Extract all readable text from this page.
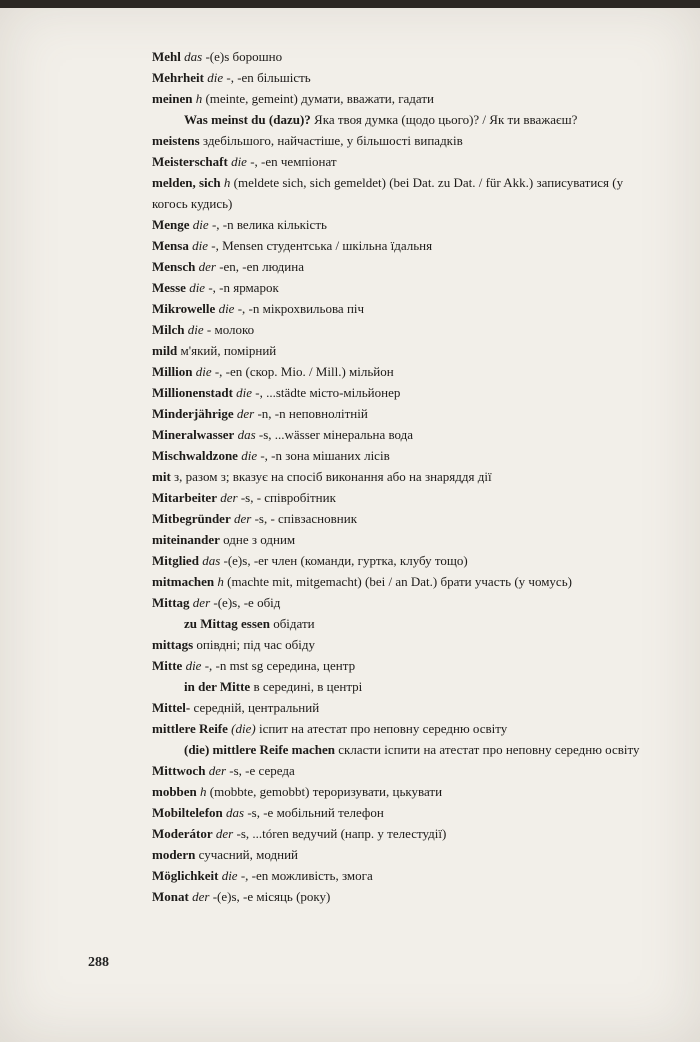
Mehl das -(e)s борошно
Mehrheit die -, -en більшість
meinen h (meinte, gemeint) думати, вважати, гадати
Was meinst du (dazu)? Яка твоя думка (щодо цього)? / Як ти вважаєш?
meistens здебільшого, найчастіше, у більшості випадків
Meisterschaft die -, -en чемпіонат
melden, sich h (meldete sich, sich gemeldet) (bei Dat. zu Dat. / für Akk.) записуватися (у когось кудись)
Menge die -, -n велика кількість
Mensa die -, Mensen студентська / шкільна їдальня
Mensch der -en, -en людина
Messe die -, -n ярмарок
Mikrowelle die -, -n мікрохвильова піч
Milch die - молоко
mild м'який, помірний
Million die -, -en (скор. Mio. / Mill.) мільйон
Millionenstadt die -, ...städte місто-мільйонер
Minderjährige der -n, -n неповнолітній
Mineralwasser das -s, ...wässer мінеральна вода
Mischwaldzone die -, -n зона мішаних лісів
mit з, разом з; вказує на спосіб виконання або на знаряддя дії
Mitarbeiter der -s, - співробітник
Mitbegründer der -s, - співзасновник
miteinander одне з одним
Mitglied das -(e)s, -er член (команди, гуртка, клубу тощо)
mitmachen h (machte mit, mitgemacht) (bei / an Dat.) брати участь (у чомусь)
Mittag der -(e)s, -e обід
zu Mittag essen обідати
mittags опівдні; під час обіду
Mitte die -, -n mst sg середина, центр
in der Mitte в середині, в центрі
Mittel- середній, центральний
mittlere Reife (die) іспит на атестат про неповну середню освіту
(die) mittlere Reife machen скласти іспити на атестат про неповну середню освіту
Mittwoch der -s, -e середа
mobben h (mobbte, gemobbt) тероризувати, цькувати
Mobiltelefon das -s, -e мобільний телефон
Moderátor der -s, ...tóren ведучий (напр. у телестудії)
modern сучасний, модний
Möglichkeit die -, -en можливість, змога
Monat der -(e)s, -e місяць (року)
288
